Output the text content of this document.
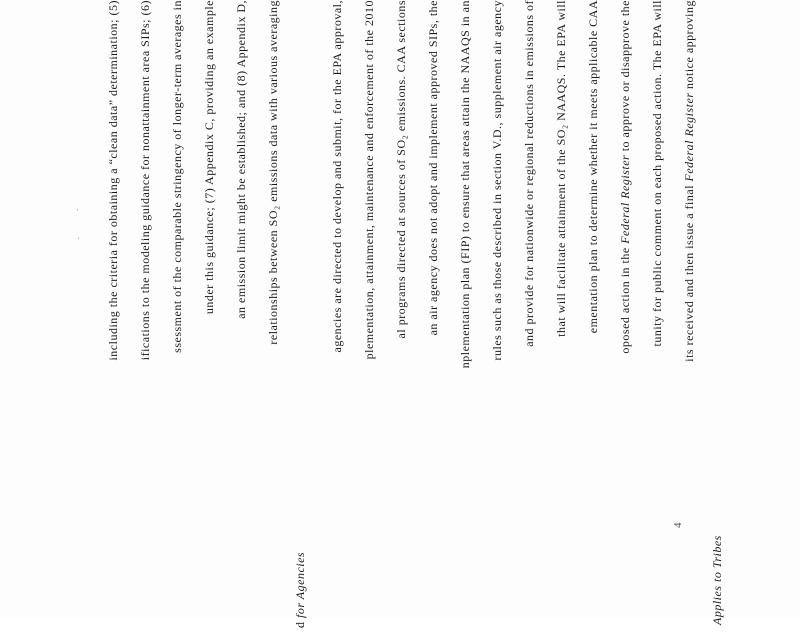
including the criteria for obtaining a “clean data” determination; (5) ifications to the modeling guidance for nonattainment area SIPs; (6) ssessment of the comparable stringency of longer-term averages in under this guidance; (7) Appendix C, providing an example an emission limit might be established; and (8) Appendix D, relationships between SO₂ emissions data with various averaging
d for Agencies
agencies are directed to develop and submit, for the EPA approval, plementation, attainment, maintenance and enforcement of the 2010 al programs directed at sources of SO₂ emissions. CAA sections an air agency does not adopt and implement approved SIPs, the nplementation plan (FIP) to ensure that areas attain the NAAQS in an rules such as those described in section V.D., supplement air agency and provide for nationwide or regional reductions in emissions of that will facilitate attainment of the SO₂ NAAQS. The EPA will ementation plan to determine whether it meets applicable CAA oposed action in the Federal Register to approve or disapprove the tunity for public comment on each proposed action. The EPA will its received and then issue a final Federal Register notice approving
Applies to Tribes
4
·
·
